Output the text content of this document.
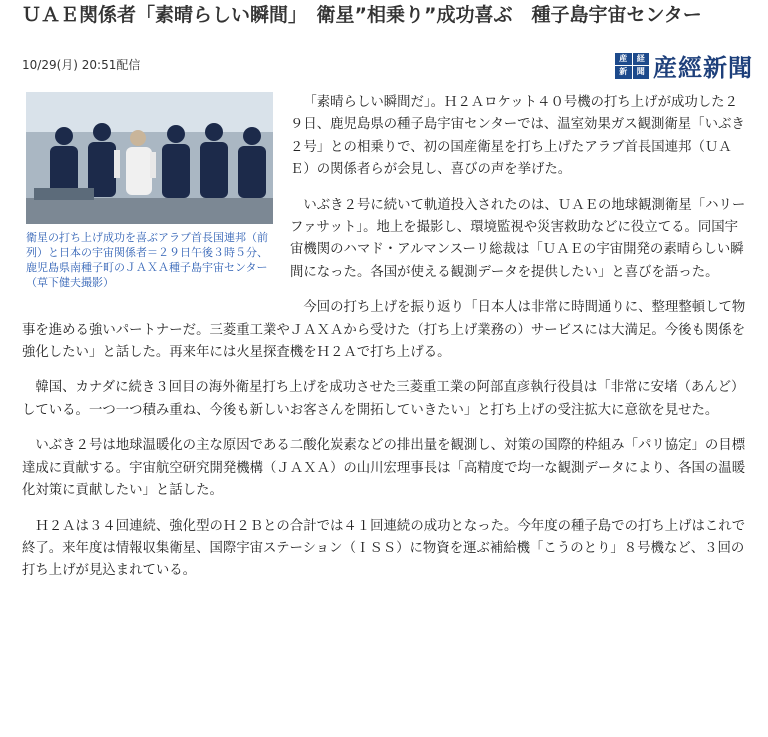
ＵＡＥ関係者「素晴らしい瞬間」　衛星”相乗り”成功喜ぶ　種子島宇宙センター
10/29(月) 20:51配信	産	経
新	聞 産經新聞
衛星の打ち上げ成功を喜ぶアラブ首長国連邦（前列）と日本の宇宙関係者＝２９日午後３時５分、鹿児島県南種子町のＪＡＸＡ種子島宇宙センター（草下健夫撮影）

「素晴らしい瞬間だ」。Ｈ２Ａロケット４０号機の打ち上げが成功した２９日、鹿児島県の種子島宇宙センターでは、温室効果ガス観測衛星「いぶき２号」との相乗りで、初の国産衛星を打ち上げたアラブ首長国連邦（ＵＡＥ）の関係者らが会見し、喜びの声を挙げた。

いぶき２号に続いて軌道投入されたのは、ＵＡＥの地球観測衛星「ハリーファサット」。地上を撮影し、環境監視や災害救助などに役立てる。同国宇宙機関のハマド・アルマンスーリ総裁は「ＵＡＥの宇宙開発の素晴らしい瞬間になった。各国が使える観測データを提供したい」と喜びを語った。

今回の打ち上げを振り返り「日本人は非常に時間通りに、整理整頓して物事を進める強いパートナーだ。三菱重工業やＪＡＸＡから受けた（打ち上げ業務の）サービスには大満足。今後も関係を強化したい」と話した。再来年には火星探査機をＨ２Ａで打ち上げる。

韓国、カナダに続き３回目の海外衛星打ち上げを成功させた三菱重工業の阿部直彦執行役員は「非常に安堵（あんど）している。一つ一つ積み重ね、今後も新しいお客さんを開拓していきたい」と打ち上げの受注拡大に意欲を見せた。

いぶき２号は地球温暖化の主な原因である二酸化炭素などの排出量を観測し、対策の国際的枠組み「パリ協定」の目標達成に貢献する。宇宙航空研究開発機構（ＪＡＸＡ）の山川宏理事長は「高精度で均一な観測データにより、各国の温暖化対策に貢献したい」と話した。

Ｈ２Ａは３４回連続、強化型のＨ２Ｂとの合計では４１回連続の成功となった。今年度の種子島での打ち上げはこれで終了。来年度は情報収集衛星、国際宇宙ステーション（ＩＳＳ）に物資を運ぶ補給機「こうのとり」８号機など、３回の打ち上げが見込まれている。
